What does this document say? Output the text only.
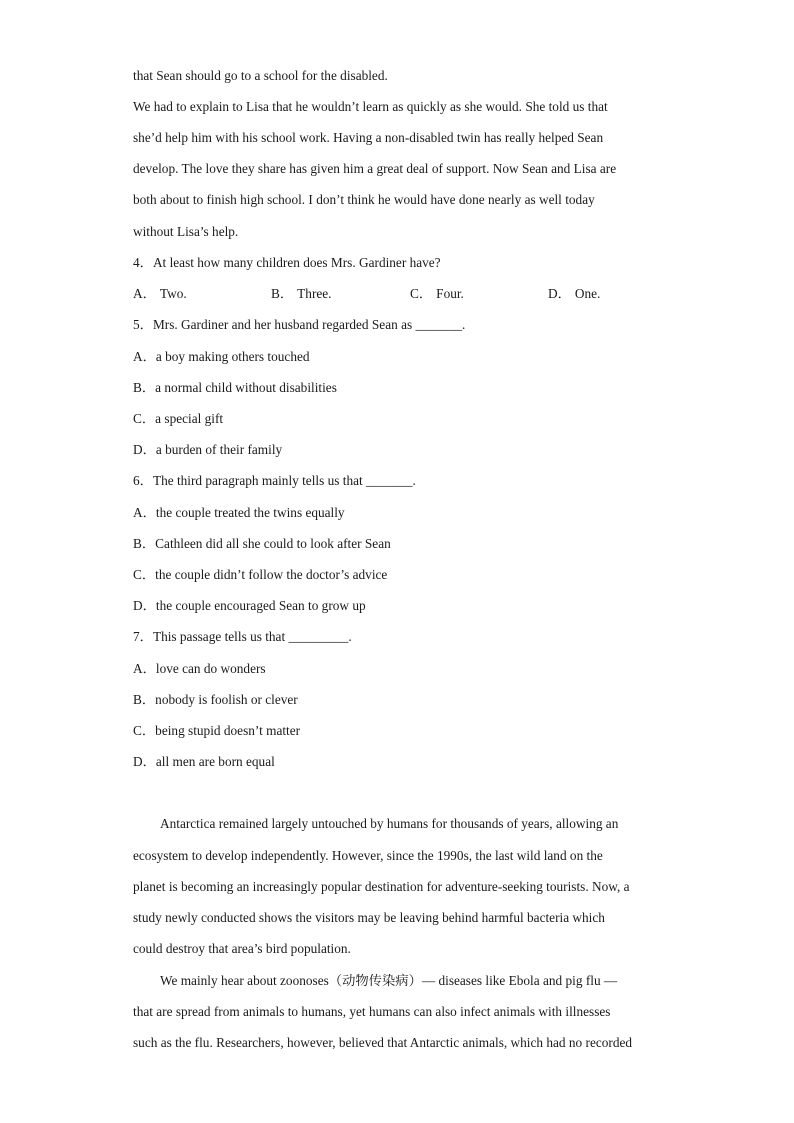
that Sean should go to a school for the disabled.

We had to explain to Lisa that he wouldn’t learn as quickly as she would. She told us that

she’d help him with his school work. Having a non-disabled twin has really helped Sean

develop. The love they share has given him a great deal of support. Now Sean and Lisa are

both about to finish high school. I don’t think he would have done nearly as well today

without Lisa’s help.

4．At least how many children does Mrs. Gardiner have?

A． Two.	B． Three.	C． Four.	D． One.

5．Mrs. Gardiner and her husband regarded Sean as _______.

A．a boy making others touched

B．a normal child without disabilities

C．a special gift

D．a burden of their family

6．The third paragraph mainly tells us that _______.

A．the couple treated the twins equally

B．Cathleen did all she could to look after Sean

C．the couple didn’t follow the doctor’s advice

D．the couple encouraged Sean to grow up

7．This passage tells us that _________.

A．love can do wonders

B．nobody is foolish or clever

C．being stupid doesn’t matter

D．all men are born equal

Antarctica remained largely untouched by humans for thousands of years, allowing an

ecosystem to develop independently. However, since the 1990s, the last wild land on the

planet is becoming an increasingly popular destination for adventure-seeking tourists. Now, a

study newly conducted shows the visitors may be leaving behind harmful bacteria which

could destroy that area’s bird population.

We mainly hear about zoonoses（动物传染病）— diseases like Ebola and pig flu —

that are spread from animals to humans, yet humans can also infect animals with illnesses

such as the flu. Researchers, however, believed that Antarctic animals, which had no recorded
